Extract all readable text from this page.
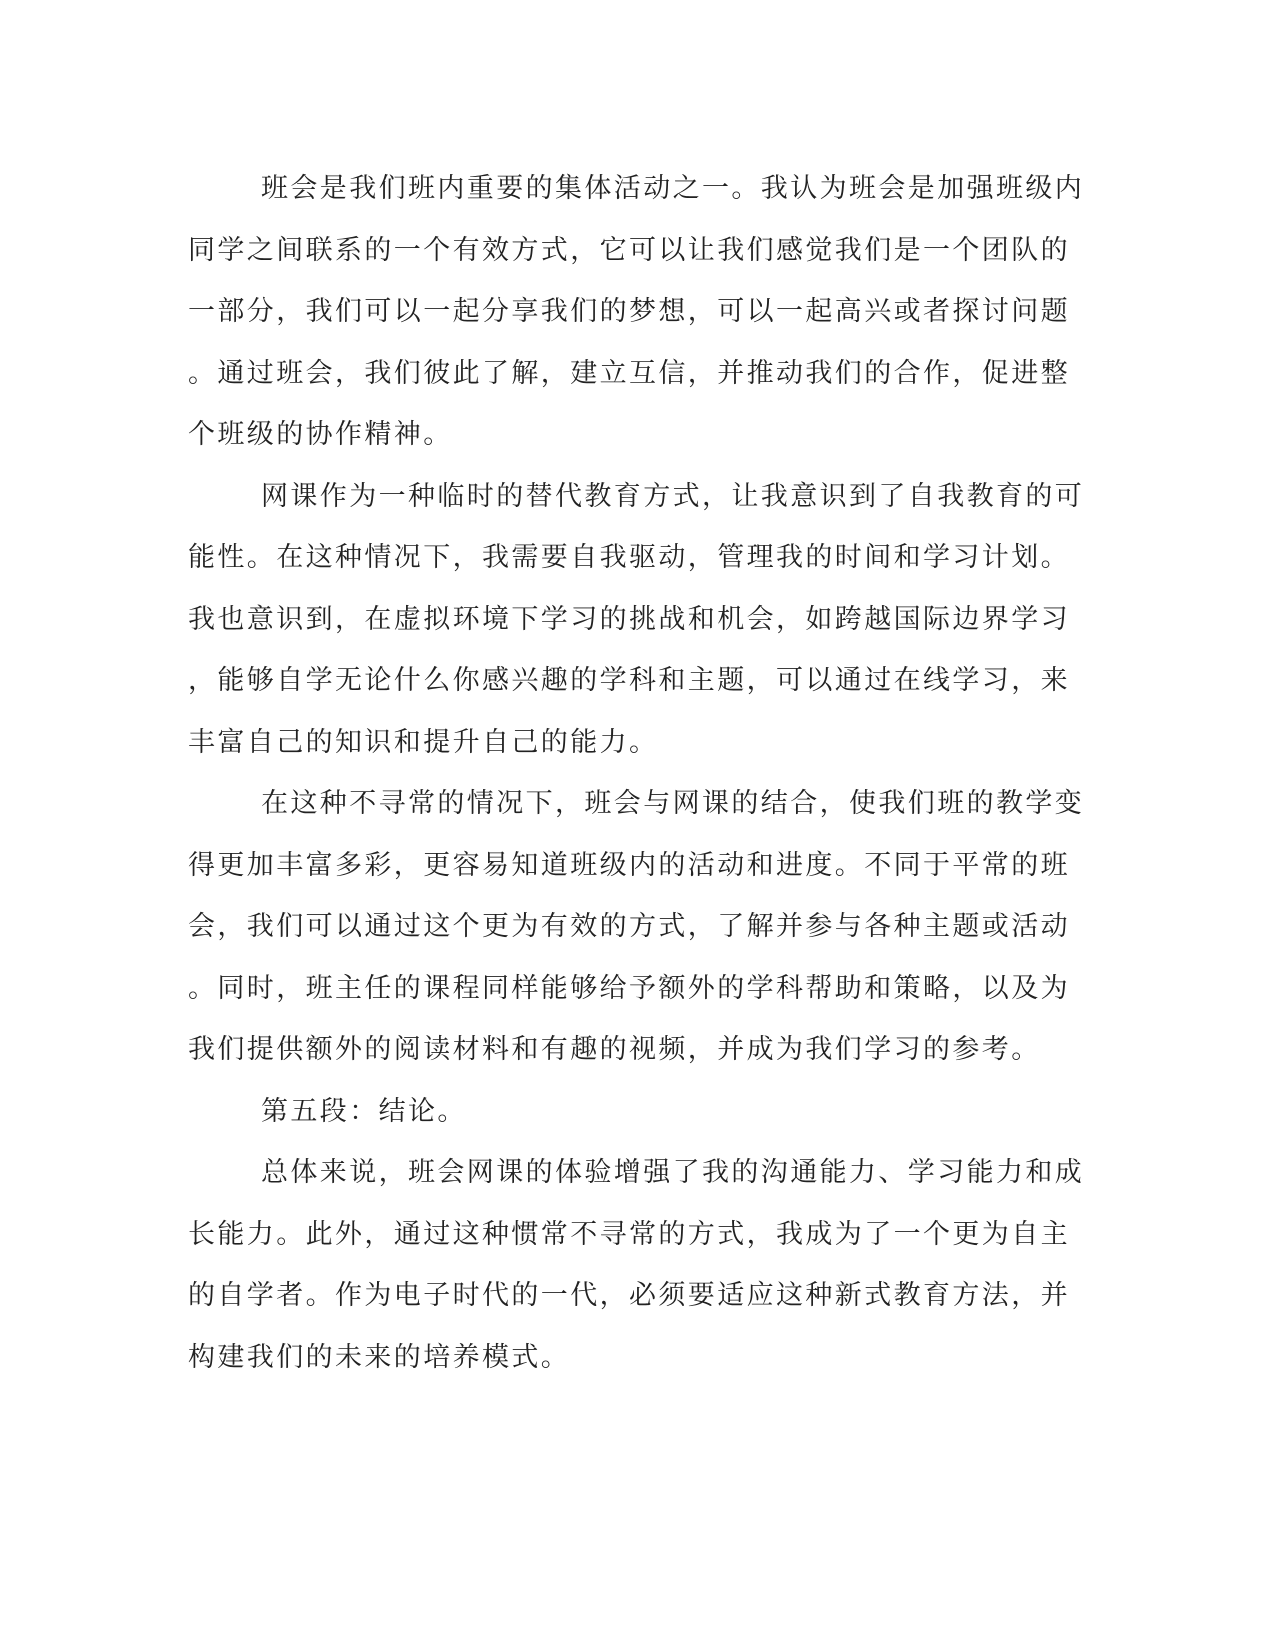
班会是我们班内重要的集体活动之一。我认为班会是加强班级内
同学之间联系的一个有效方式，它可以让我们感觉我们是一个团队的
一部分，我们可以一起分享我们的梦想，可以一起高兴或者探讨问题
。通过班会，我们彼此了解，建立互信，并推动我们的合作，促进整
个班级的协作精神。
网课作为一种临时的替代教育方式，让我意识到了自我教育的可
能性。在这种情况下，我需要自我驱动，管理我的时间和学习计划。
我也意识到，在虚拟环境下学习的挑战和机会，如跨越国际边界学习
，能够自学无论什么你感兴趣的学科和主题，可以通过在线学习，来
丰富自己的知识和提升自己的能力。
在这种不寻常的情况下，班会与网课的结合，使我们班的教学变
得更加丰富多彩，更容易知道班级内的活动和进度。不同于平常的班
会，我们可以通过这个更为有效的方式，了解并参与各种主题或活动
。同时，班主任的课程同样能够给予额外的学科帮助和策略，以及为
我们提供额外的阅读材料和有趣的视频，并成为我们学习的参考。
第五段：结论。
总体来说，班会网课的体验增强了我的沟通能力、学习能力和成
长能力。此外，通过这种惯常不寻常的方式，我成为了一个更为自主
的自学者。作为电子时代的一代，必须要适应这种新式教育方法，并
构建我们的未来的培养模式。
